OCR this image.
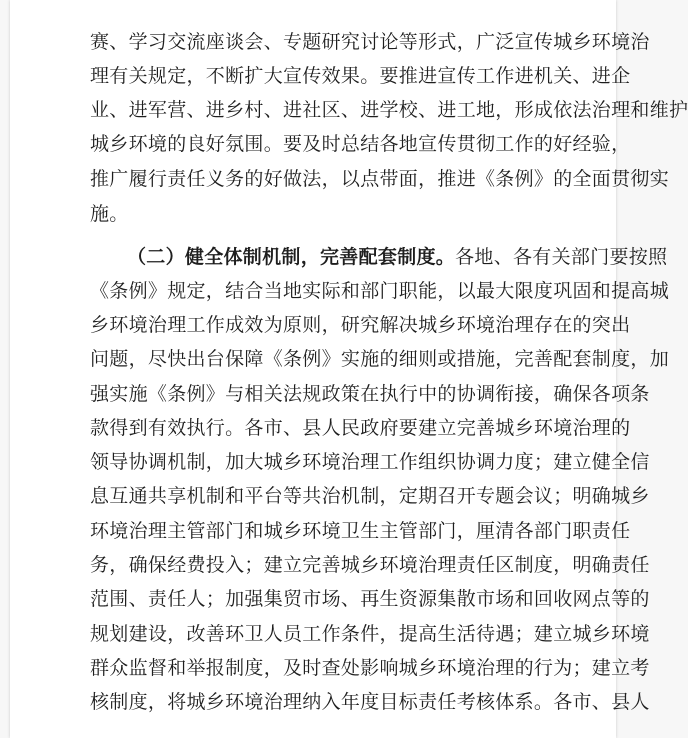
赛、学习交流座谈会、专题研究讨论等形式，广泛宣传城乡环境治
理有关规定，不断扩大宣传效果。要推进宣传工作进机关、进企
业、进军营、进乡村、进社区、进学校、进工地，形成依法治理和维护
城乡环境的良好氛围。要及时总结各地宣传贯彻工作的好经验，
推广履行责任义务的好做法，以点带面，推进《条例》的全面贯彻实
施。
（二）健全体制机制，完善配套制度。各地、各有关部门要按照
《条例》规定，结合当地实际和部门职能，以最大限度巩固和提高城
乡环境治理工作成效为原则，研究解决城乡环境治理存在的突出
问题，尽快出台保障《条例》实施的细则或措施，完善配套制度，加
强实施《条例》与相关法规政策在执行中的协调衔接，确保各项条
款得到有效执行。各市、县人民政府要建立完善城乡环境治理的
领导协调机制，加大城乡环境治理工作组织协调力度；建立健全信
息互通共享机制和平台等共治机制，定期召开专题会议；明确城乡
环境治理主管部门和城乡环境卫生主管部门，厘清各部门职责任
务，确保经费投入；建立完善城乡环境治理责任区制度，明确责任
范围、责任人；加强集贸市场、再生资源集散市场和回收网点等的
规划建设，改善环卫人员工作条件，提高生活待遇；建立城乡环境
群众监督和举报制度，及时查处影响城乡环境治理的行为；建立考
核制度，将城乡环境治理纳入年度目标责任考核体系。各市、县人
